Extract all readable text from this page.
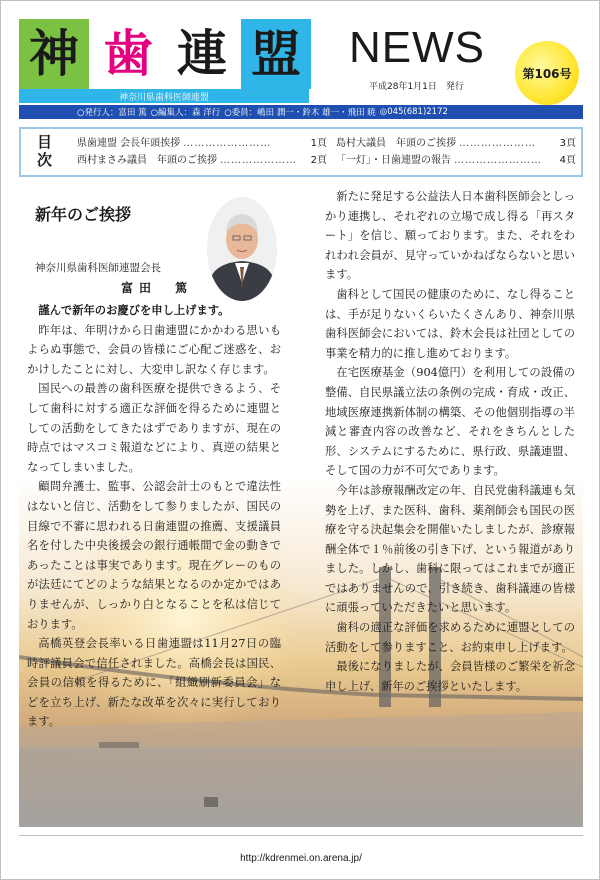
神 歯 連 盟
神奈川県歯科医師連盟
NEWS
平成28年1月1日　発行
第106号
○発行人：富田 篤 ○編集人：森 洋行 ○委員：嶋田 潤一・鈴木 雄一・飛田 暁 ◎045(681)2172
目次
県歯連盟 会長年頭挨拶 ……………………	1頁
西村まさみ議員　年頭のご挨拶 …………………	2頁
島村大議員　年頭のご挨拶 …………………	3頁
「一灯」・日歯連盟の報告 ……………………	4頁
新年のご挨拶
神奈川県歯科医師連盟会長
富田　篤

謹んで新年のお慶びを申し上げます。

昨年は、年明けから日歯連盟にかかわる思いもよらぬ事態で、会員の皆様にご心配ご迷惑を、おかけしたことに対し、大変申し訳なく存じます。

国民への最善の歯科医療を提供できるよう、そして歯科に対する適正な評価を得るために連盟としての活動をしてきたはずでありますが、現在の時点ではマスコミ報道などにより、真逆の結果となってしまいました。

顧問弁護士、監事、公認会計士のもとで違法性はないと信じ、活動をして参りましたが、国民の目線で不審に思われる日歯連盟の推薦、支援議員名を付した中央後援会の銀行通帳間で金の動きであったことは事実であります。現在グレーのものが法廷にてどのような結果となるのか定かではありませんが、しっかり白となることを私は信じております。

高橋英登会長率いる日歯連盟は11月27日の臨時評議員会で信任されました。高橋会長は国民、会員の信頼を得るために、「組織刷新委員会」などを立ち上げ、新たな改革を次々に実行しております。

新たに発足する公益法人日本歯科医師会としっかり連携し、それぞれの立場で成し得る「再スタート」を信じ、願っております。また、それをわれわれ会員が、見守っていかねばならないと思います。

歯科として国民の健康のために、なし得ることは、手が足りないくらいたくさんあり、神奈川県歯科医師会においては、鈴木会長は社団としての事業を精力的に推し進めております。

在宅医療基金（904億円）を利用しての設備の整備、自民県議立法の条例の完成・育成・改正、地域医療連携新体制の構築、その他個別指導の半減と審査内容の改善など、それをきちんとした形、システムにするために、県行政、県議連盟、そして国の力が不可欠であります。

今年は診療報酬改定の年、自民党歯科議連も気勢を上げ、また医科、歯科、薬剤師会も国民の医療を守る決起集会を開催いたしましたが、診療報酬全体で１％前後の引き下げ、という報道がありました。しかし、歯科に限ってはこれまでが適正ではありませんので、引き続き、歯科議連の皆様に頑張っていただきたいと思います。

歯科の適正な評価を求めるために連盟としての活動をして参りますこと、お約束申し上げます。

最後になりましたが、会員皆様のご繁栄を祈念申し上げ、新年のご挨拶といたします。

http://kdrenmei.on.arena.jp/
